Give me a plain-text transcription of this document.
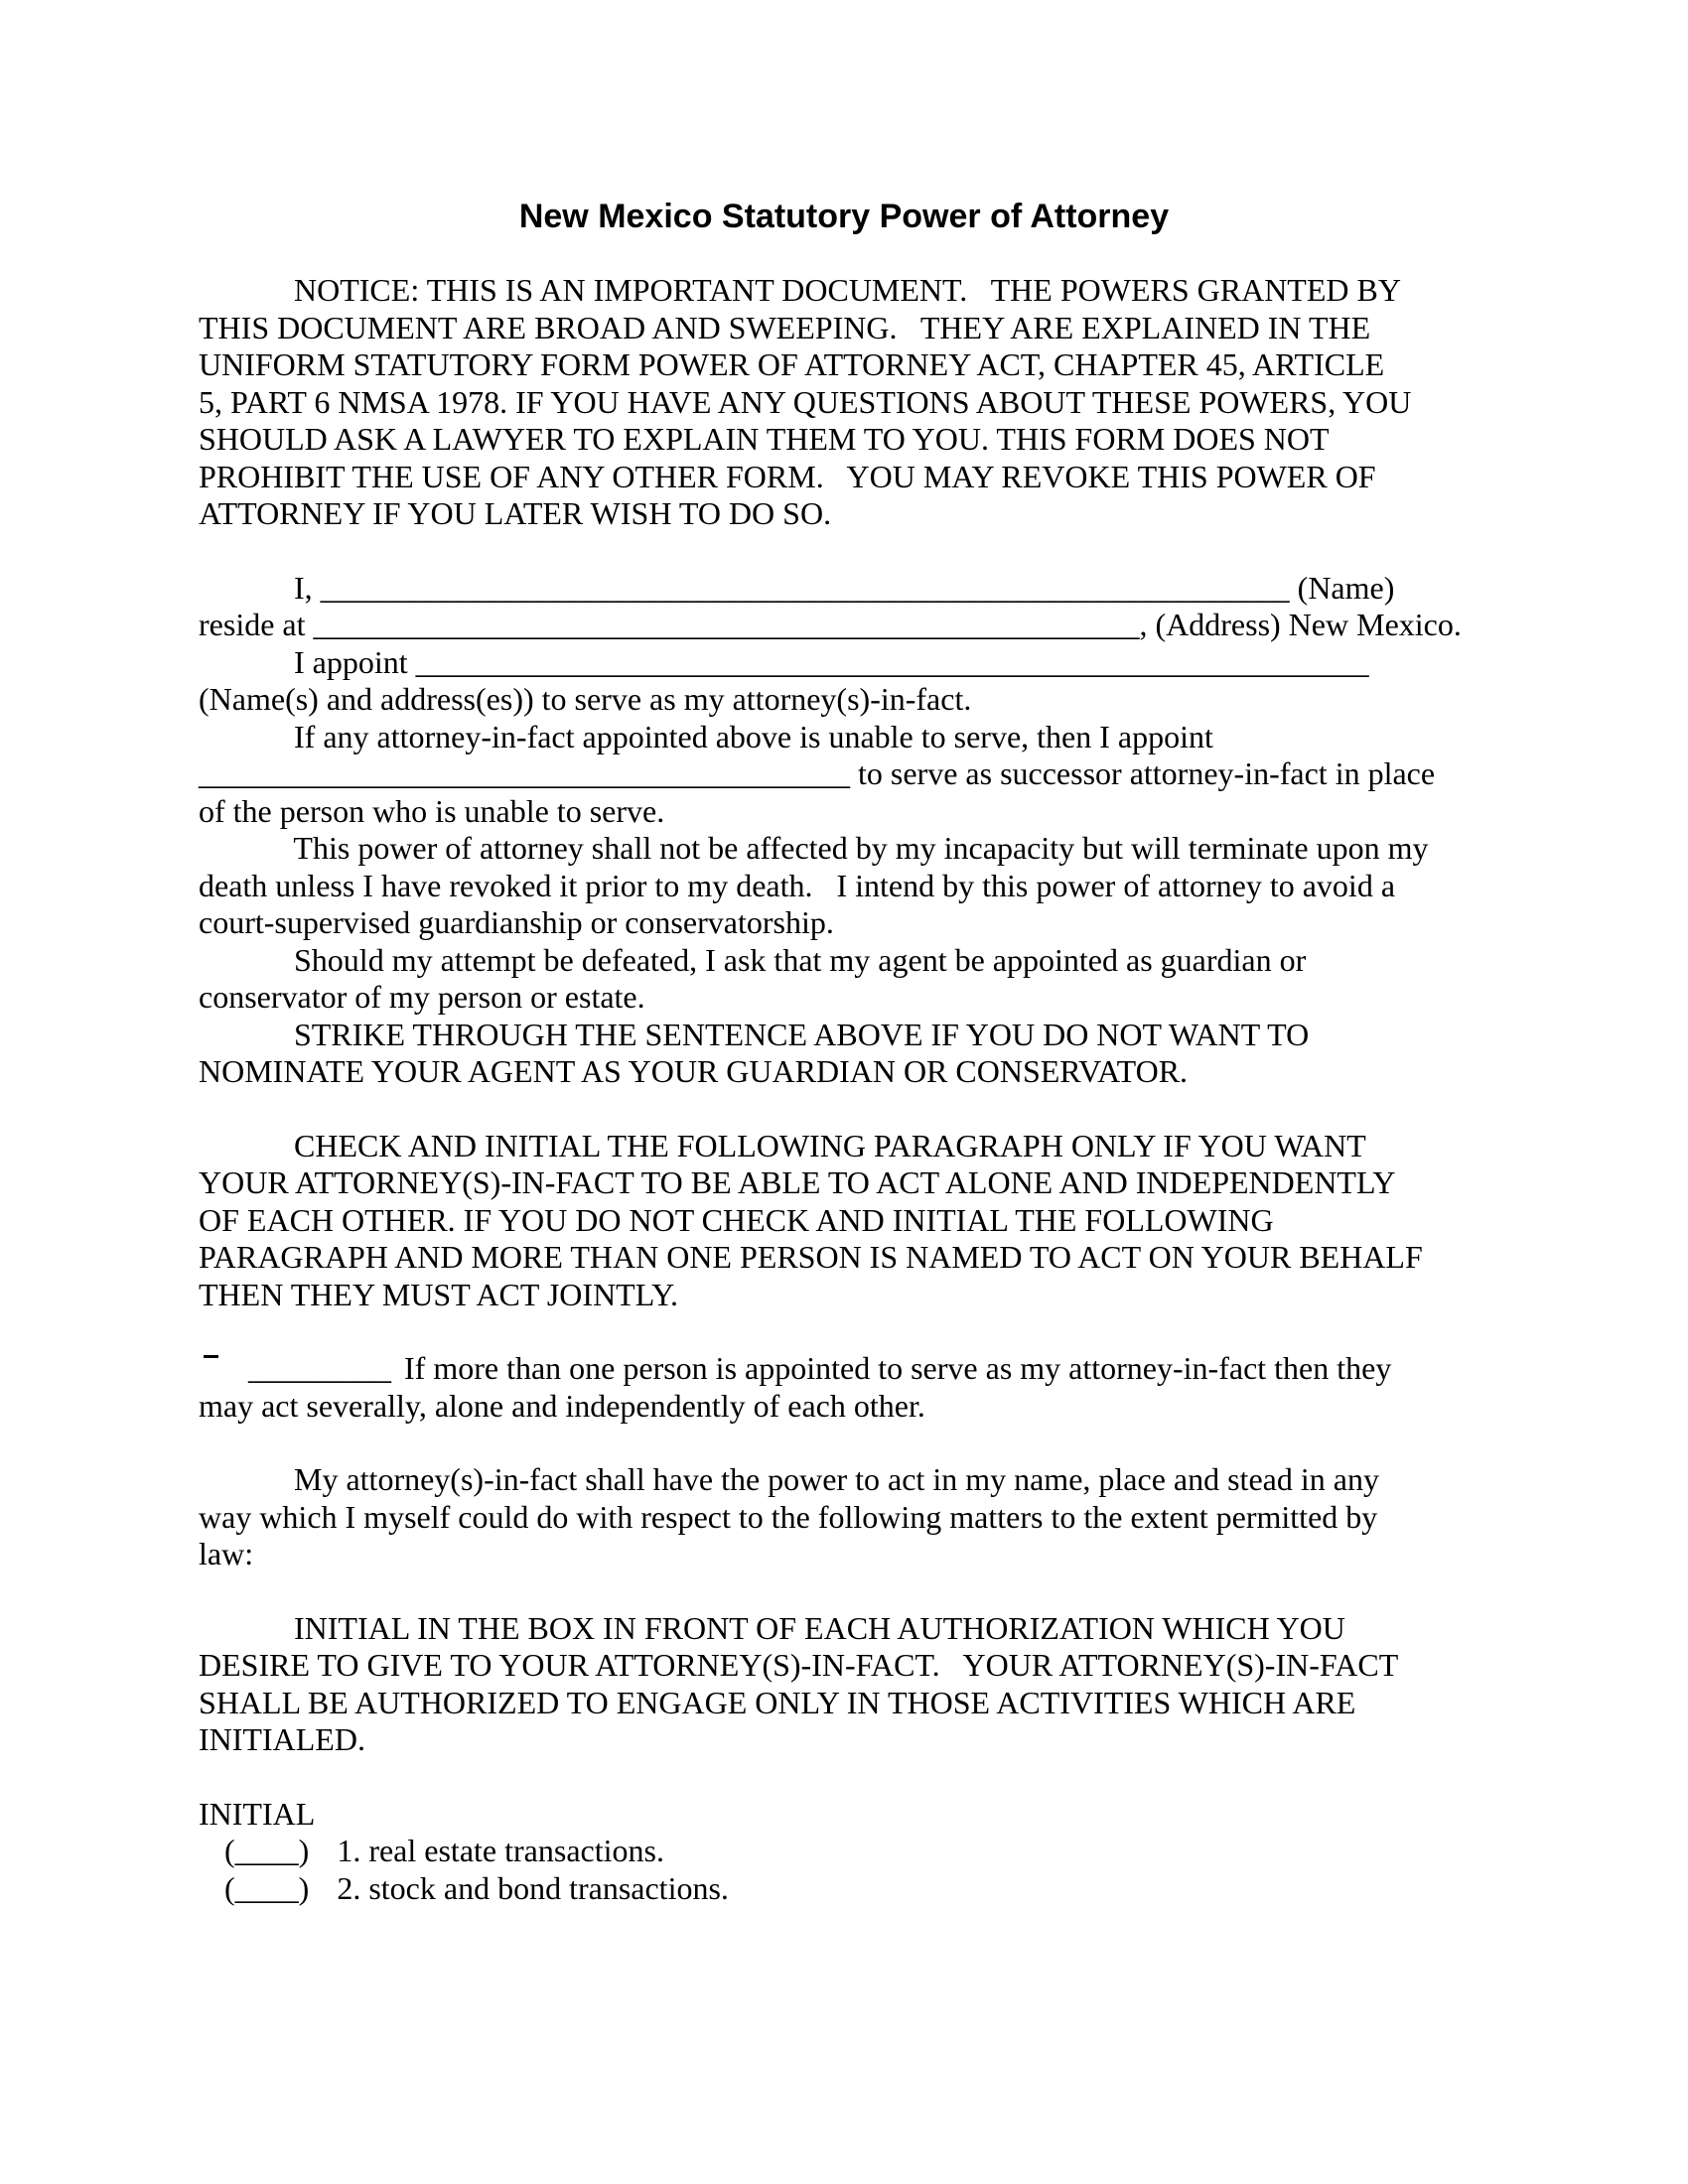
New Mexico Statutory Power of Attorney
NOTICE: THIS IS AN IMPORTANT DOCUMENT.   THE POWERS GRANTED BY
THIS DOCUMENT ARE BROAD AND SWEEPING.   THEY ARE EXPLAINED IN THE
UNIFORM STATUTORY FORM POWER OF ATTORNEY ACT, CHAPTER 45, ARTICLE
5, PART 6 NMSA 1978. IF YOU HAVE ANY QUESTIONS ABOUT THESE POWERS, YOU
SHOULD ASK A LAWYER TO EXPLAIN THEM TO YOU. THIS FORM DOES NOT
PROHIBIT THE USE OF ANY OTHER FORM.   YOU MAY REVOKE THIS POWER OF
ATTORNEY IF YOU LATER WISH TO DO SO.
I, _____________________________________________________________ (Name)
reside at ____________________________________________________, (Address) New Mexico.
I appoint ____________________________________________________________
(Name(s) and address(es)) to serve as my attorney(s)-in-fact.
If any attorney-in-fact appointed above is unable to serve, then I appoint
_________________________________________ to serve as successor attorney-in-fact in place
of the person who is unable to serve.
This power of attorney shall not be affected by my incapacity but will terminate upon my
death unless I have revoked it prior to my death.   I intend by this power of attorney to avoid a
court-supervised guardianship or conservatorship.
Should my attempt be defeated, I ask that my agent be appointed as guardian or
conservator of my person or estate.
STRIKE THROUGH THE SENTENCE ABOVE IF YOU DO NOT WANT TO
NOMINATE YOUR AGENT AS YOUR GUARDIAN OR CONSERVATOR.
CHECK AND INITIAL THE FOLLOWING PARAGRAPH ONLY IF YOU WANT
YOUR ATTORNEY(S)-IN-FACT TO BE ABLE TO ACT ALONE AND INDEPENDENTLY
OF EACH OTHER. IF YOU DO NOT CHECK AND INITIAL THE FOLLOWING
PARAGRAPH AND MORE THAN ONE PERSON IS NAMED TO ACT ON YOUR BEHALF
THEN THEY MUST ACT JOINTLY.
_________ If more than one person is appointed to serve as my attorney-in-fact then they
may act severally, alone and independently of each other.
My attorney(s)-in-fact shall have the power to act in my name, place and stead in any
way which I myself could do with respect to the following matters to the extent permitted by
law:
INITIAL IN THE BOX IN FRONT OF EACH AUTHORIZATION WHICH YOU
DESIRE TO GIVE TO YOUR ATTORNEY(S)-IN-FACT.   YOUR ATTORNEY(S)-IN-FACT
SHALL BE AUTHORIZED TO ENGAGE ONLY IN THOSE ACTIVITIES WHICH ARE
INITIALED.
INITIAL
(____) 1. real estate transactions.
(____) 2. stock and bond transactions.
